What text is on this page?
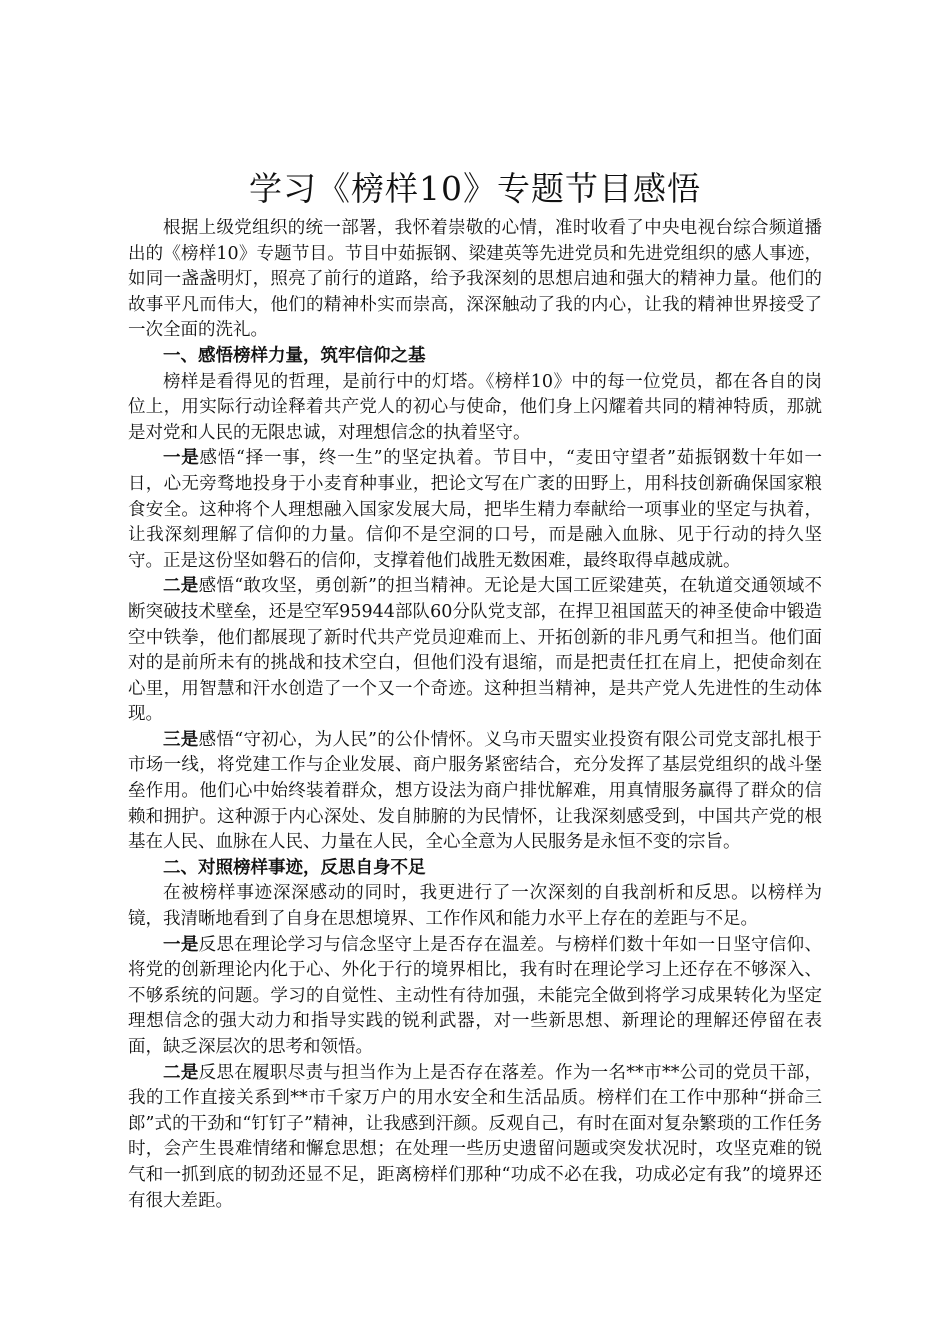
学习《榜样10》专题节目感悟

根据上级党组织的统一部署，我怀着崇敬的心情，准时收看了中央电视台综合频道播出的《榜样10》专题节目。节目中茹振钢、梁建英等先进党员和先进党组织的感人事迹，如同一盏盏明灯，照亮了前行的道路，给予我深刻的思想启迪和强大的精神力量。他们的故事平凡而伟大，他们的精神朴实而崇高，深深触动了我的内心，让我的精神世界接受了一次全面的洗礼。

一、感悟榜样力量，筑牢信仰之基

榜样是看得见的哲理，是前行中的灯塔。《榜样10》中的每一位党员，都在各自的岗位上，用实际行动诠释着共产党人的初心与使命，他们身上闪耀着共同的精神特质，那就是对党和人民的无限忠诚，对理想信念的执着坚守。

一是感悟“择一事，终一生”的坚定执着。节目中，“麦田守望者”茹振钢数十年如一日，心无旁骛地投身于小麦育种事业，把论文写在广袤的田野上，用科技创新确保国家粮食安全。这种将个人理想融入国家发展大局，把毕生精力奉献给一项事业的坚定与执着，让我深刻理解了信仰的力量。信仰不是空洞的口号，而是融入血脉、见于行动的持久坚守。正是这份坚如磐石的信仰，支撑着他们战胜无数困难，最终取得卓越成就。

二是感悟“敢攻坚，勇创新”的担当精神。无论是大国工匠梁建英，在轨道交通领域不断突破技术壁垒，还是空军95944部队60分队党支部，在捍卫祖国蓝天的神圣使命中锻造空中铁拳，他们都展现了新时代共产党员迎难而上、开拓创新的非凡勇气和担当。他们面对的是前所未有的挑战和技术空白，但他们没有退缩，而是把责任扛在肩上，把使命刻在心里，用智慧和汗水创造了一个又一个奇迹。这种担当精神，是共产党人先进性的生动体现。

三是感悟“守初心，为人民”的公仆情怀。义乌市天盟实业投资有限公司党支部扎根于市场一线，将党建工作与企业发展、商户服务紧密结合，充分发挥了基层党组织的战斗堡垒作用。他们心中始终装着群众，想方设法为商户排忧解难，用真情服务赢得了群众的信赖和拥护。这种源于内心深处、发自肺腑的为民情怀，让我深刻感受到，中国共产党的根基在人民、血脉在人民、力量在人民，全心全意为人民服务是永恒不变的宗旨。

二、对照榜样事迹，反思自身不足

在被榜样事迹深深感动的同时，我更进行了一次深刻的自我剖析和反思。以榜样为镜，我清晰地看到了自身在思想境界、工作作风和能力水平上存在的差距与不足。

一是反思在理论学习与信念坚守上是否存在温差。与榜样们数十年如一日坚守信仰、将党的创新理论内化于心、外化于行的境界相比，我有时在理论学习上还存在不够深入、不够系统的问题。学习的自觉性、主动性有待加强，未能完全做到将学习成果转化为坚定理想信念的强大动力和指导实践的锐利武器，对一些新思想、新理论的理解还停留在表面，缺乏深层次的思考和领悟。

二是反思在履职尽责与担当作为上是否存在落差。作为一名**市**公司的党员干部，我的工作直接关系到**市千家万户的用水安全和生活品质。榜样们在工作中那种“拼命三郎”式的干劲和“钉钉子”精神，让我感到汗颜。反观自己，有时在面对复杂繁琐的工作任务时，会产生畏难情绪和懈怠思想；在处理一些历史遗留问题或突发状况时，攻坚克难的锐气和一抓到底的韧劲还显不足，距离榜样们那种“功成不必在我，功成必定有我”的境界还有很大差距。
